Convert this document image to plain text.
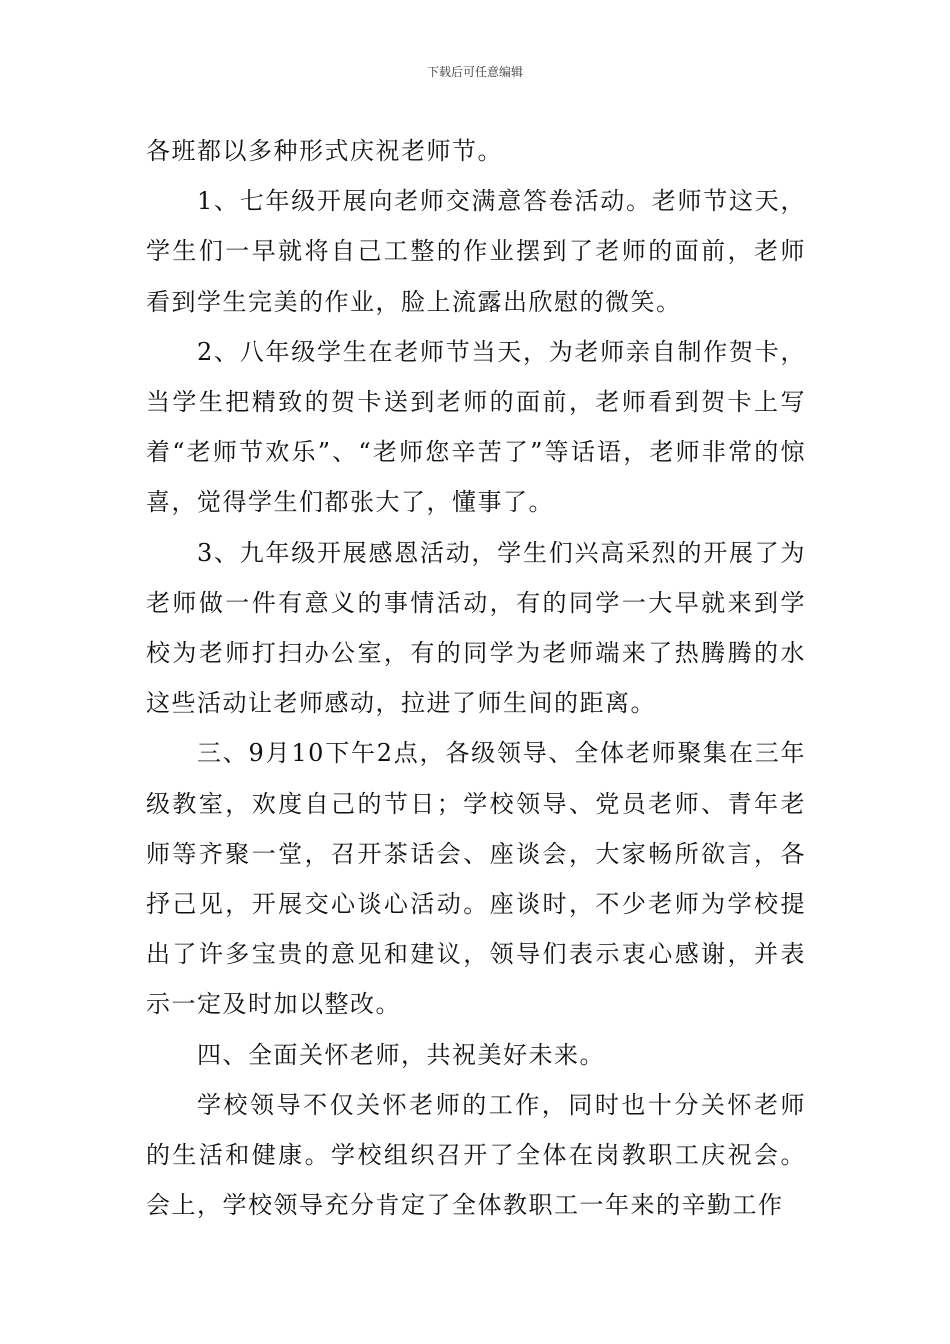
下载后可任意编辑

各班都以多种形式庆祝老师节。

1、七年级开展向老师交满意答卷活动。老师节这天，学生们一早就将自己工整的作业摆到了老师的面前，老师看到学生完美的作业，脸上流露出欣慰的微笑。

2、八年级学生在老师节当天，为老师亲自制作贺卡，当学生把精致的贺卡送到老师的面前，老师看到贺卡上写着“老师节欢乐”、“老师您辛苦了”等话语，老师非常的惊喜，觉得学生们都张大了，懂事了。

3、九年级开展感恩活动，学生们兴高采烈的开展了为老师做一件有意义的事情活动，有的同学一大早就来到学校为老师打扫办公室，有的同学为老师端来了热腾腾的水这些活动让老师感动，拉进了师生间的距离。

三、9月10下午2点，各级领导、全体老师聚集在三年级教室，欢度自己的节日；学校领导、党员老师、青年老师等齐聚一堂，召开茶话会、座谈会，大家畅所欲言，各抒己见，开展交心谈心活动。座谈时，不少老师为学校提出了许多宝贵的意见和建议，领导们表示衷心感谢，并表示一定及时加以整改。

四、全面关怀老师，共祝美好未来。

学校领导不仅关怀老师的工作，同时也十分关怀老师的生活和健康。学校组织召开了全体在岗教职工庆祝会。会上，学校领导充分肯定了全体教职工一年来的辛勤工作
